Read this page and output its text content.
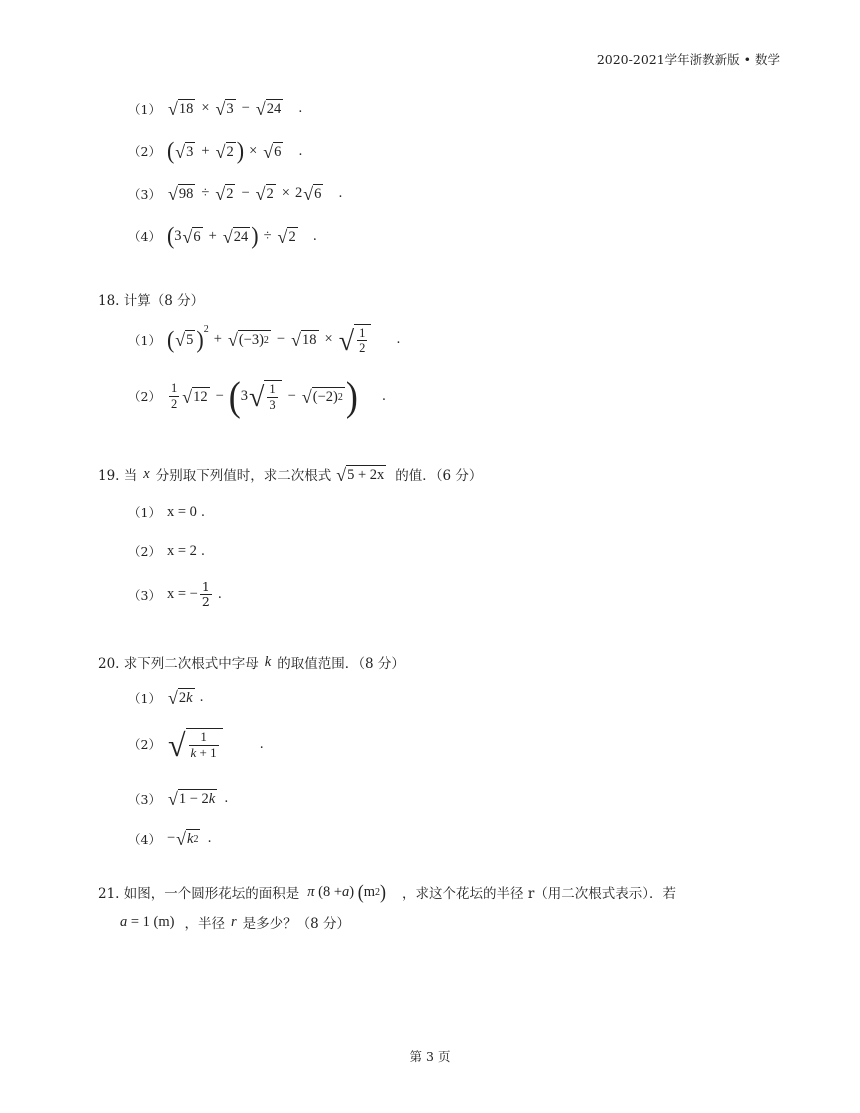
2020-2021学年浙教新版 • 数学
（1） √ 18 × √ 3 − √ 24 .
（2） ( √ 3 + √ 2 ) × √ 6 .
（3） √ 98 ÷ √ 2 − √ 2 × 2 √ 6 .
（4） ( 3 √ 6 + √ 24 ) ÷ √ 2 .
18. 计算（8 分）
（1） ( √ 5 )$^2$
+ √ (−3) 2 − √ 18 × √ $\frac{1}{2}$ .
$(2) \frac{1}{2}$ √ 12 − ( 3 √ $\frac{1}{3}$ − √ (−2) 2 ) .
19. 当 x 分别取下列值时，求二次根式 √ 5 + 2x 的值．（6 分）
（1） x = 0 .
（2） x = 2 .
（3） x = − $\frac{1}{2}$ .
20. 求下列二次根式中字母 k 的取值范围．（8 分）
（1） √ 2 k .
（2） √ $\frac{1}{k + 1}$	.
（3） √ 1 − 2 k .
（4） − √ k 2 .
21. 如图，一个圆形花坛的面积是 π (8 + a ) ( m 2 ) ，求这个花坛的半径 r（用二次根式表示）．若
a = 1 (m) ，半径 r 是多少？（8 分）
第 3 页
